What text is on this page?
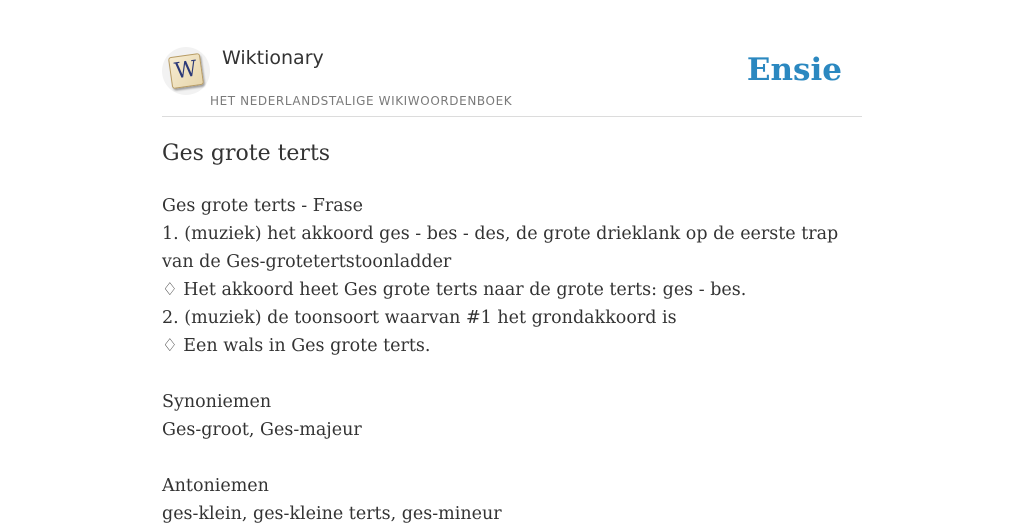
W Wiktionary
HET NEDERLANDSTALIGE WIKIWOORDENBOEK
Ensie
Ges grote terts
Ges grote terts - Frase
1. (muziek) het akkoord ges - bes - des, de grote drieklank op de eerste trap van de Ges-grotetertstoonladder
♢ Het akkoord heet Ges grote terts naar de grote terts: ges - bes.
2. (muziek) de toonsoort waarvan #1 het grondakkoord is
♢ Een wals in Ges grote terts.
Synoniemen
Ges-groot, Ges-majeur
Antoniemen
ges-klein, ges-kleine terts, ges-mineur
